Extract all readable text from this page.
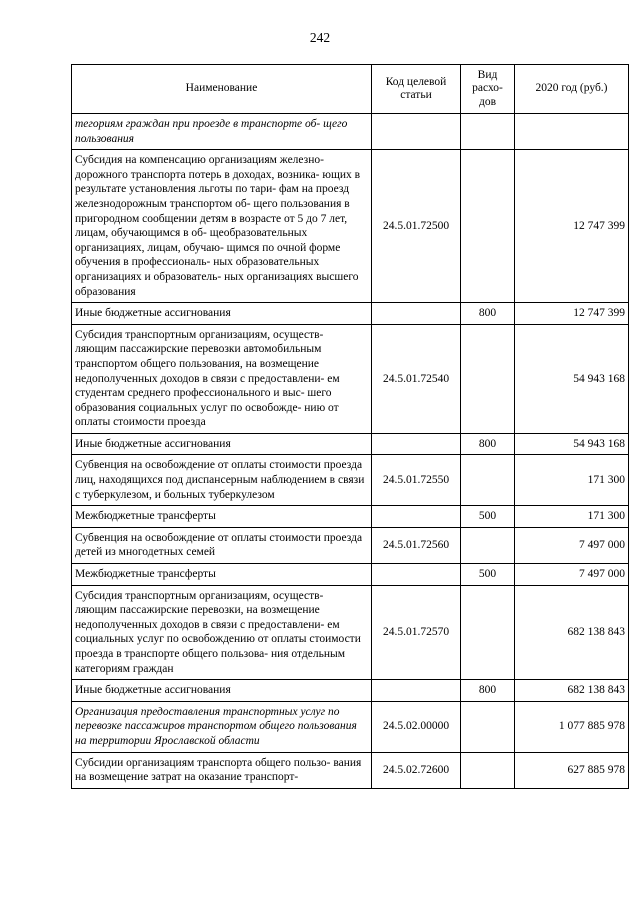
242
Наименование	Код целевой статьи	Вид расхо- дов	2020 год (руб.)
тегориям граждан при проезде в транспорте об- щего пользования			
Субсидия на компенсацию организациям железно- дорожного транспорта потерь в доходах, возника- ющих в результате установления льготы по тари- фам на проезд железнодорожным транспортом об- щего пользования в пригородном сообщении детям в возрасте от 5 до 7 лет, лицам, обучающимся в об- щеобразовательных организациях, лицам, обучаю- щимся по очной форме обучения в профессиональ- ных образовательных организациях и образователь- ных организациях высшего образования	24.5.01.72500		12 747 399
Иные бюджетные ассигнования		800	12 747 399
Субсидия транспортным организациям, осуществ- ляющим пассажирские перевозки автомобильным транспортом общего пользования, на возмещение недополученных доходов в связи с предоставлени- ем студентам среднего профессионального и выс- шего образования социальных услуг по освобожде- нию от оплаты стоимости проезда	24.5.01.72540		54 943 168
Иные бюджетные ассигнования		800	54 943 168
Субвенция на освобождение от оплаты стоимости проезда лиц, находящихся под диспансерным наблюдением в связи с туберкулезом, и больных туберкулезом	24.5.01.72550		171 300
Межбюджетные трансферты		500	171 300
Субвенция на освобождение от оплаты стоимости проезда детей из многодетных семей	24.5.01.72560		7 497 000
Межбюджетные трансферты		500	7 497 000
Субсидия транспортным организациям, осуществ- ляющим пассажирские перевозки, на возмещение недополученных доходов в связи с предоставлени- ем социальных услуг по освобождению от оплаты стоимости проезда в транспорте общего пользова- ния отдельным категориям граждан	24.5.01.72570		682 138 843
Иные бюджетные ассигнования		800	682 138 843
Организация предоставления транспортных услуг по перевозке пассажиров транспортом общего пользования на территории Ярославской области	24.5.02.00000		1 077 885 978
Субсидии организациям транспорта общего пользо- вания на возмещение затрат на оказание транспорт-	24.5.02.72600		627 885 978
